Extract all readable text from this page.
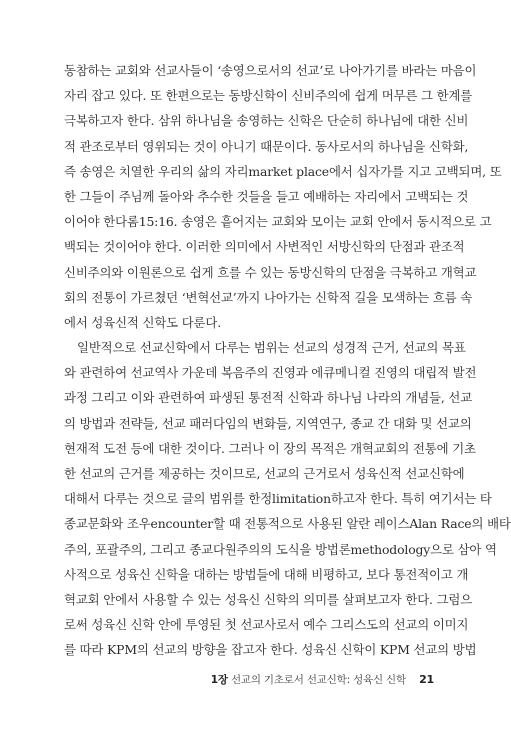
동참하는 교회와 선교사들이 ‘송영으로서의 선교’로 나아가기를 바라는 마음이
자리 잡고 있다. 또 한편으로는 동방신학이 신비주의에 쉽게 머무른 그 한계를
극복하고자 한다. 삼위 하나님을 송영하는 신학은 단순히 하나님에 대한 신비
적 관조로부터 영위되는 것이 아니기 때문이다. 동사로서의 하나님을 신학화,
즉 송영은 치열한 우리의 삶의 자리market place에서 십자가를 지고 고백되며, 또
한 그들이 주님께 돌아와 추수한 것들을 들고 예배하는 자리에서 고백되는 것
이어야 한다롬15:16. 송영은 흩어지는 교회와 모이는 교회 안에서 동시적으로 고
백되는 것이어야 한다. 이러한 의미에서 사변적인 서방신학의 단점과 관조적
신비주의와 이원론으로 쉽게 흐를 수 있는 동방신학의 단점을 극복하고 개혁교
회의 전통이 가르쳤던 ‘변혁선교’까지 나아가는 신학적 길을 모색하는 흐름 속
에서 성육신적 신학도 다룬다.
일반적으로 선교신학에서 다루는 범위는 선교의 성경적 근거, 선교의 목표
와 관련하여 선교역사 가운데 복음주의 진영과 에큐메니컬 진영의 대립적 발전
과정 그리고 이와 관련하여 파생된 통전적 신학과 하나님 나라의 개념들, 선교
의 방법과 전략들, 선교 패러다임의 변화들, 지역연구, 종교 간 대화 및 선교의
현재적 도전 등에 대한 것이다. 그러나 이 장의 목적은 개혁교회의 전통에 기초
한 선교의 근거를 제공하는 것이므로, 선교의 근거로서 성육신적 선교신학에
대해서 다루는 것으로 글의 범위를 한정limitation하고자 한다. 특히 여기서는 타
종교문화와 조우encounter할 때 전통적으로 사용된 알란 레이스Alan Race의 배타
주의, 포괄주의, 그리고 종교다원주의의 도식을 방법론methodology으로 삼아 역
사적으로 성육신 신학을 대하는 방법들에 대해 비평하고, 보다 통전적이고 개
혁교회 안에서 사용할 수 있는 성육신 신학의 의미를 살펴보고자 한다. 그럼으
로써 성육신 신학 안에 투영된 첫 선교사로서 예수 그리스도의 선교의 이미지
를 따라 KPM의 선교의 방향을 잡고자 한다. 성육신 신학이 KPM 선교의 방법
1장 선교의 기초로서 선교신학: 성육신 신학 21
